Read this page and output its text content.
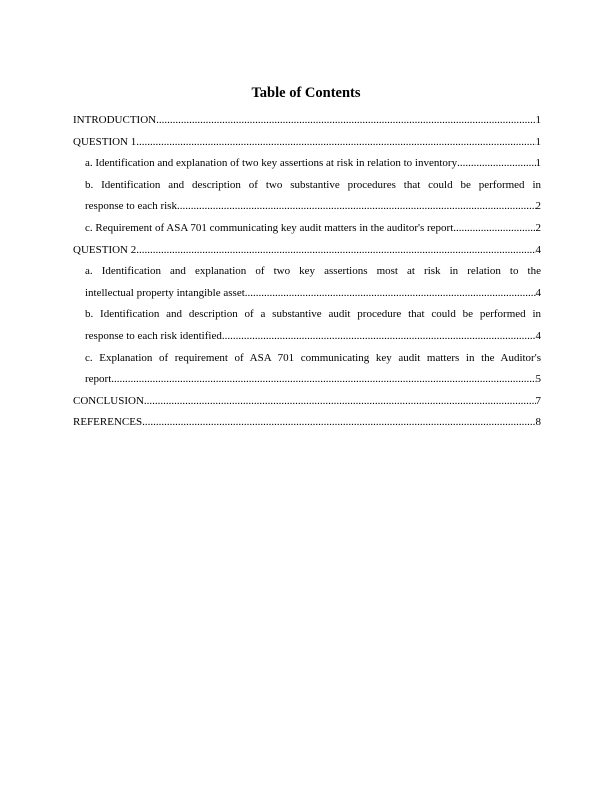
Table of Contents
INTRODUCTION .....	1
QUESTION 1 .....	1
a. Identification and explanation of two key assertions at risk in relation to inventory .....	1
b. Identification and description of two substantive procedures that could be performed in
response to each risk .....	2
c. Requirement of ASA 701 communicating key audit matters in the auditor's report .....	2
QUESTION 2 .....	4
a. Identification and explanation of two key assertions most at risk in relation to the
intellectual property intangible asset .....	4
b. Identification and description of a substantive audit procedure that could be performed in
response to each risk identified .....	4
c. Explanation of requirement of ASA 701 communicating key audit matters in the Auditor's
report .....	5
CONCLUSION .....	7
REFERENCES .....	8
